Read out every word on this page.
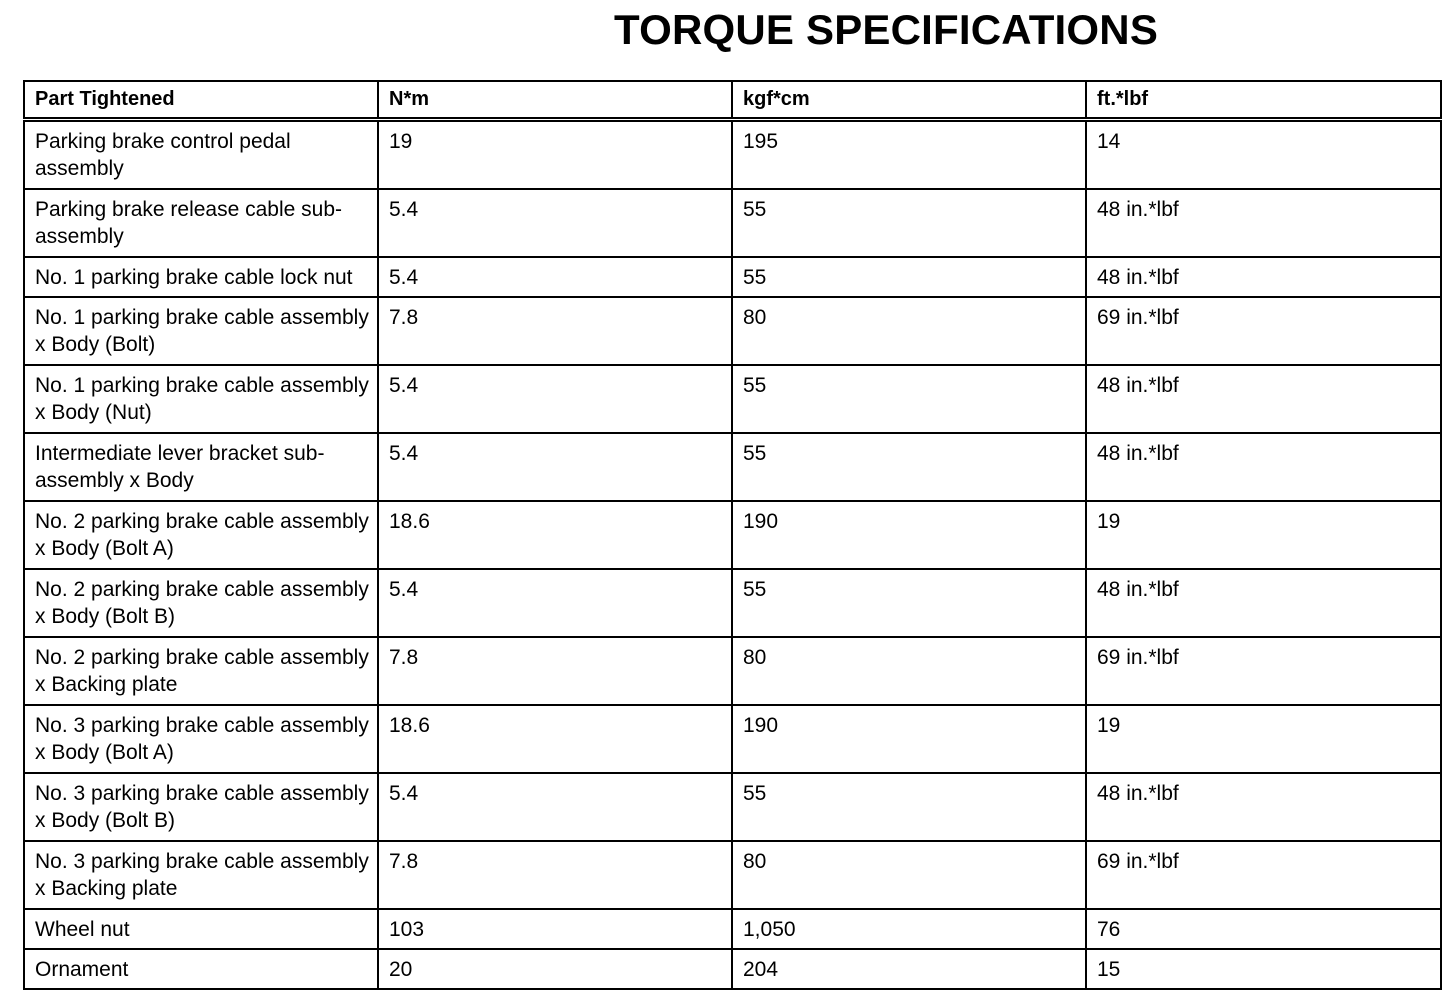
TORQUE SPECIFICATIONS
Part Tightened	N*m	kgf*cm	ft.*lbf
Parking brake control pedal assembly	19	195	14
Parking brake release cable sub-assembly	5.4	55	48 in.*lbf
No. 1 parking brake cable lock nut	5.4	55	48 in.*lbf
No. 1 parking brake cable assembly x Body (Bolt)	7.8	80	69 in.*lbf
No. 1 parking brake cable assembly x Body (Nut)	5.4	55	48 in.*lbf
Intermediate lever bracket sub-assembly x Body	5.4	55	48 in.*lbf
No. 2 parking brake cable assembly x Body (Bolt A)	18.6	190	19
No. 2 parking brake cable assembly x Body (Bolt B)	5.4	55	48 in.*lbf
No. 2 parking brake cable assembly x Backing plate	7.8	80	69 in.*lbf
No. 3 parking brake cable assembly x Body (Bolt A)	18.6	190	19
No. 3 parking brake cable assembly x Body (Bolt B)	5.4	55	48 in.*lbf
No. 3 parking brake cable assembly x Backing plate	7.8	80	69 in.*lbf
Wheel nut	103	1,050	76
Ornament	20	204	15
